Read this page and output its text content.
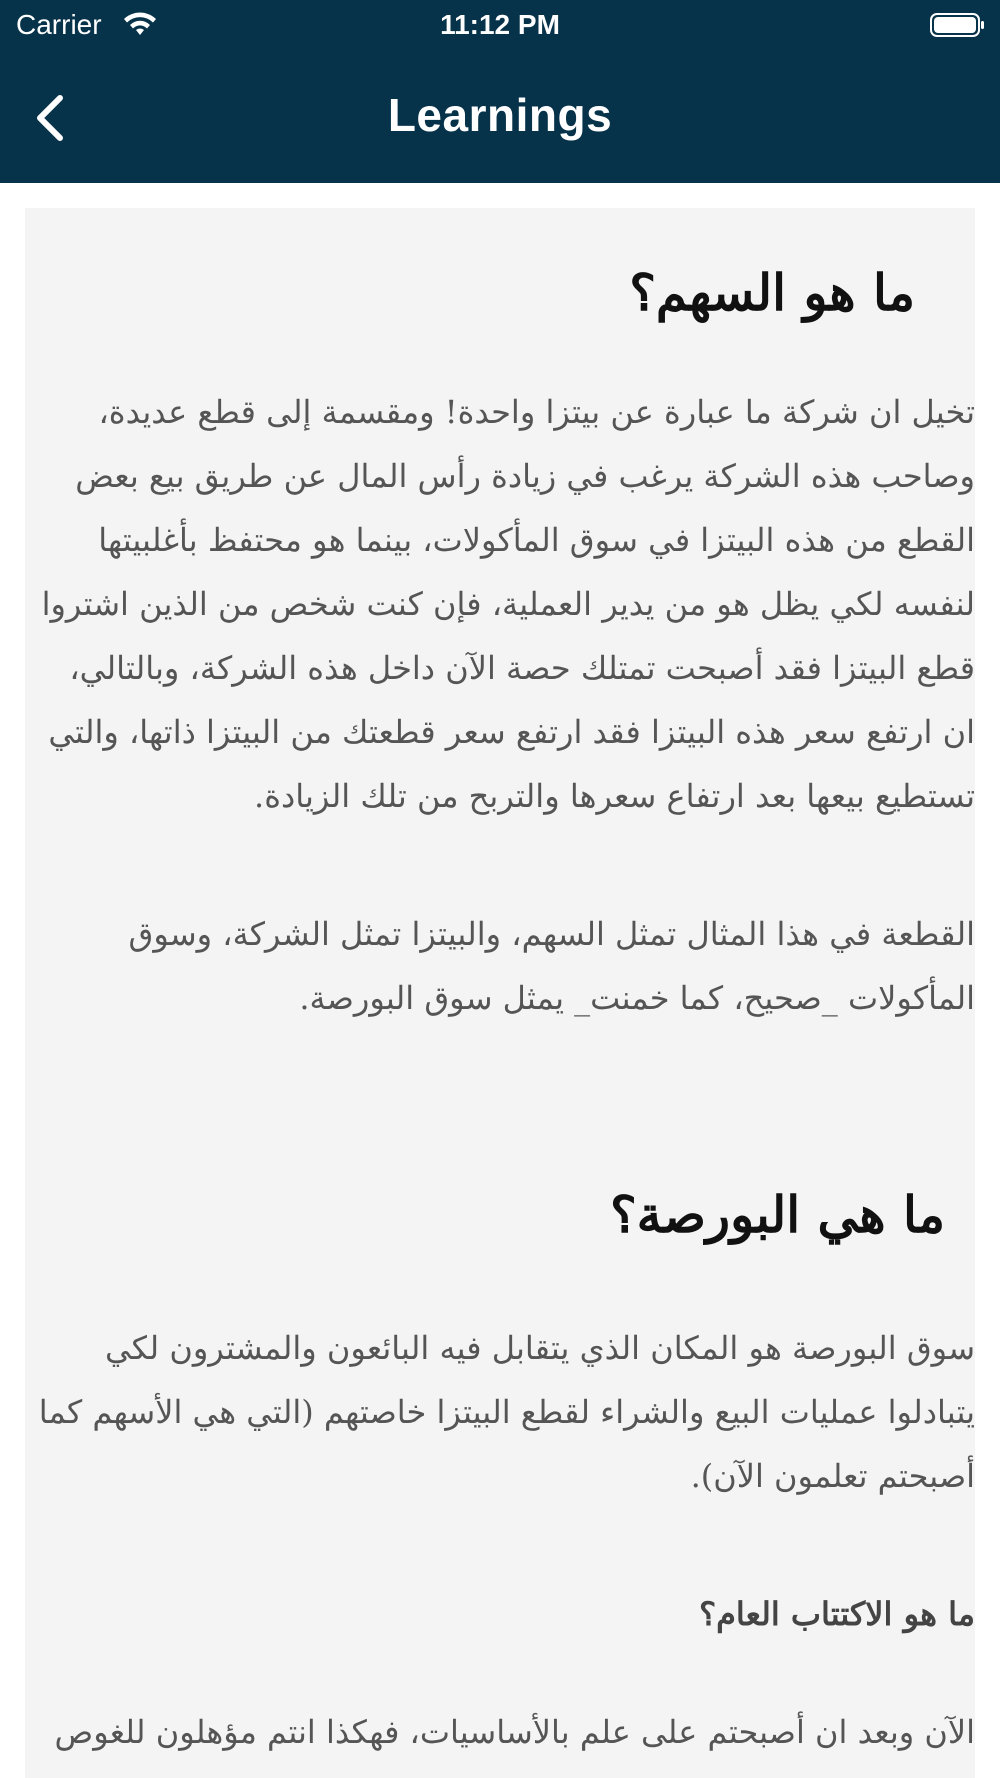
Carrier	11:12 PM
Learnings
ما هو السهم؟

تخيل ان شركة ما عبارة عن بيتزا واحدة! ومقسمة إلى قطع عديدة، وصاحب هذه الشركة يرغب في زيادة رأس المال عن طريق بيع بعض القطع من هذه البيتزا في سوق المأكولات، بينما هو محتفظ بأغلبيتها لنفسه لكي يظل هو من يدير العملية، فإن كنت شخص من الذين اشتروا قطع البيتزا فقد أصبحت تمتلك حصة الآن داخل هذه الشركة، وبالتالي، ان ارتفع سعر هذه البيتزا فقد ارتفع سعر قطعتك من البيتزا ذاتها، والتي تستطيع بيعها بعد ارتفاع سعرها والتربح من تلك الزيادة.

القطعة في هذا المثال تمثل السهم، والبيتزا تمثل الشركة، وسوق المأكولات _صحيح، كما خمنت_ يمثل سوق البورصة.

ما هي البورصة؟

سوق البورصة هو المكان الذي يتقابل فيه البائعون والمشترون لكي يتبادلوا عمليات البيع والشراء لقطع البيتزا خاصتهم (التي هي الأسهم كما أصبحتم تعلمون الآن).

ما هو الاكتتاب العام؟

الآن وبعد ان أصبحتم على علم بالأساسيات، فهكذا انتم مؤهلون للغوص
